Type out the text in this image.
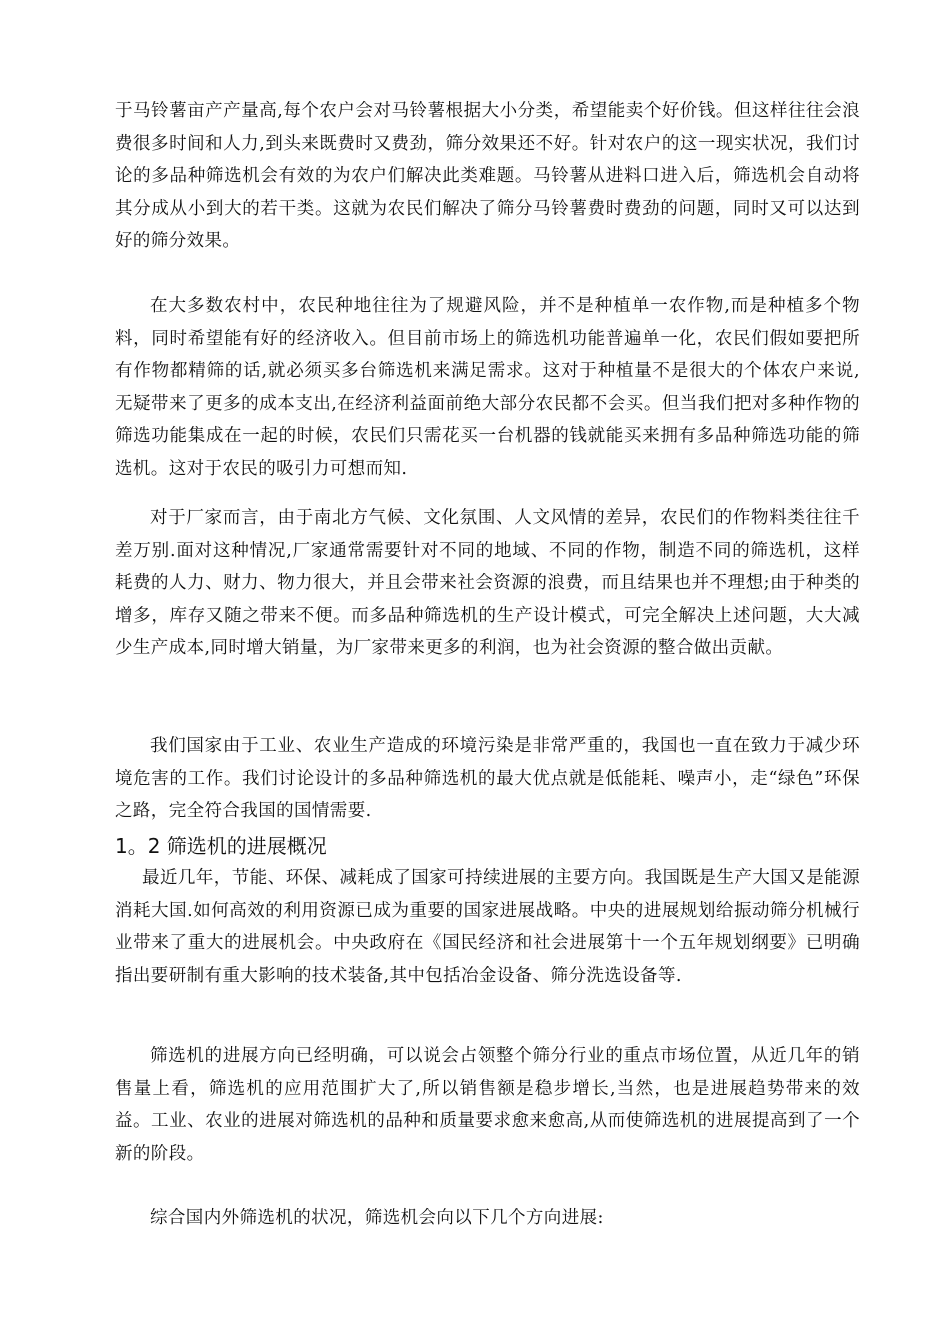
于马铃薯亩产产量高,每个农户会对马铃薯根据大小分类，希望能卖个好价钱。但这样往往会浪费很多时间和人力,到头来既费时又费劲，筛分效果还不好。针对农户的这一现实状况，我们讨论的多品种筛选机会有效的为农户们解决此类难题。马铃薯从进料口进入后，筛选机会自动将其分成从小到大的若干类。这就为农民们解决了筛分马铃薯费时费劲的问题，同时又可以达到好的筛分效果。

在大多数农村中，农民种地往往为了规避风险，并不是种植单一农作物,而是种植多个物料，同时希望能有好的经济收入。但目前市场上的筛选机功能普遍单一化，农民们假如要把所有作物都精筛的话,就必须买多台筛选机来满足需求。这对于种植量不是很大的个体农户来说,无疑带来了更多的成本支出,在经济利益面前绝大部分农民都不会买。但当我们把对多种作物的筛选功能集成在一起的时候，农民们只需花买一台机器的钱就能买来拥有多品种筛选功能的筛选机。这对于农民的吸引力可想而知.

对于厂家而言，由于南北方气候、文化氛围、人文风情的差异，农民们的作物料类往往千差万别.面对这种情况,厂家通常需要针对不同的地域、不同的作物，制造不同的筛选机，这样耗费的人力、财力、物力很大，并且会带来社会资源的浪费，而且结果也并不理想;由于种类的增多，库存又随之带来不便。而多品种筛选机的生产设计模式，可完全解决上述问题，大大减少生产成本,同时增大销量，为厂家带来更多的利润，也为社会资源的整合做出贡献。

我们国家由于工业、农业生产造成的环境污染是非常严重的，我国也一直在致力于减少环境危害的工作。我们讨论设计的多品种筛选机的最大优点就是低能耗、噪声小，走“绿色”环保之路，完全符合我国的国情需要.

1。2 筛选机的进展概况

最近几年，节能、环保、减耗成了国家可持续进展的主要方向。我国既是生产大国又是能源消耗大国.如何高效的利用资源已成为重要的国家进展战略。中央的进展规划给振动筛分机械行业带来了重大的进展机会。中央政府在《国民经济和社会进展第十一个五年规划纲要》已明确指出要研制有重大影响的技术装备,其中包括冶金设备、筛分洗选设备等.

筛选机的进展方向已经明确，可以说会占领整个筛分行业的重点市场位置，从近几年的销售量上看，筛选机的应用范围扩大了,所以销售额是稳步增长,当然，也是进展趋势带来的效益。工业、农业的进展对筛选机的品种和质量要求愈来愈高,从而使筛选机的进展提高到了一个新的阶段。

综合国内外筛选机的状况，筛选机会向以下几个方向进展:
